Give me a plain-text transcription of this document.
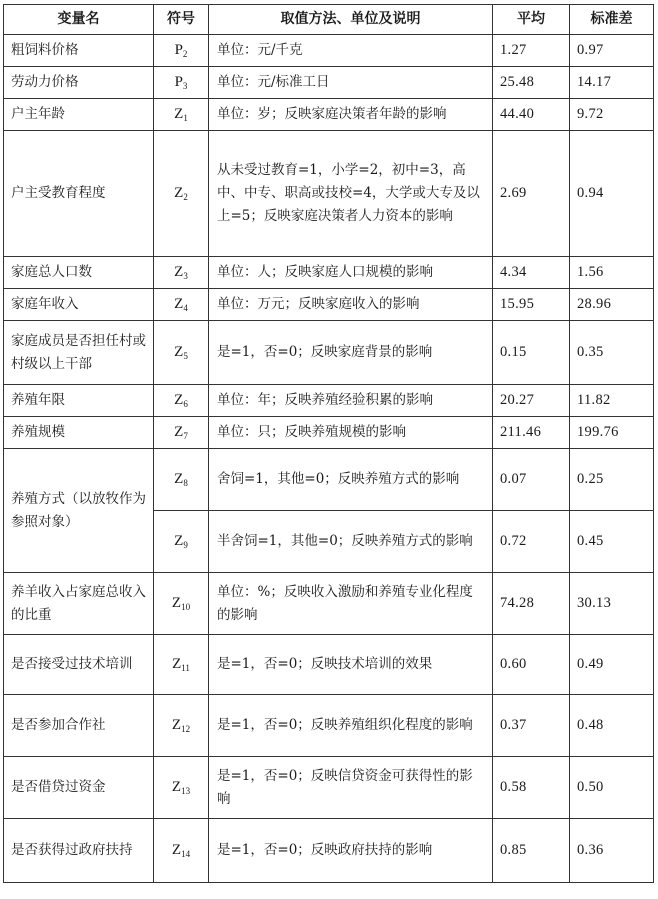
变量名	符号	取值方法、单位及说明	平均	标准差
粗饲料价格	$P_2$	单位：元/千克	1.27	0.97
劳动力价格	$P_3$	单位：元/标准工日	25.48	14.17
户主年龄	$Z_1$	单位：岁；反映家庭决策者年龄的影响	44.40	9.72
户主受教育程度	$Z_2$	从未受过教育=1，小学=2，初中=3，高中、中专、职高或技校=4，大学或大专及以上=5；反映家庭决策者人力资本的影响	2.69	0.94
家庭总人口数	$Z_3$	单位：人；反映家庭人口规模的影响	4.34	1.56
家庭年收入	$Z_4$	单位：万元；反映家庭收入的影响	15.95	28.96
家庭成员是否担任村或村级以上干部	$Z_5$	是=1，否=0；反映家庭背景的影响	0.15	0.35
养殖年限	$Z_6$	单位：年；反映养殖经验积累的影响	20.27	11.82
养殖规模	$Z_7$	单位：只；反映养殖规模的影响	211.46	199.76
养殖方式（以放牧作为参照对象）	$Z_8$	舍饲=1，其他=0；反映养殖方式的影响	0.07	0.25
	$Z_9$	半舍饲=1，其他=0；反映养殖方式的影响	0.72	0.45
养羊收入占家庭总收入的比重	$Z_{10}$	单位：%；反映收入激励和养殖专业化程度的影响	74.28	30.13
是否接受过技术培训	$Z_{11}$	是=1，否=0；反映技术培训的效果	0.60	0.49
是否参加合作社	$Z_{12}$	是=1，否=0；反映养殖组织化程度的影响	0.37	0.48
是否借贷过资金	$Z_{13}$	是=1，否=0；反映信贷资金可获得性的影响	0.58	0.50
是否获得过政府扶持	$Z_{14}$	是=1，否=0；反映政府扶持的影响	0.85	0.36
